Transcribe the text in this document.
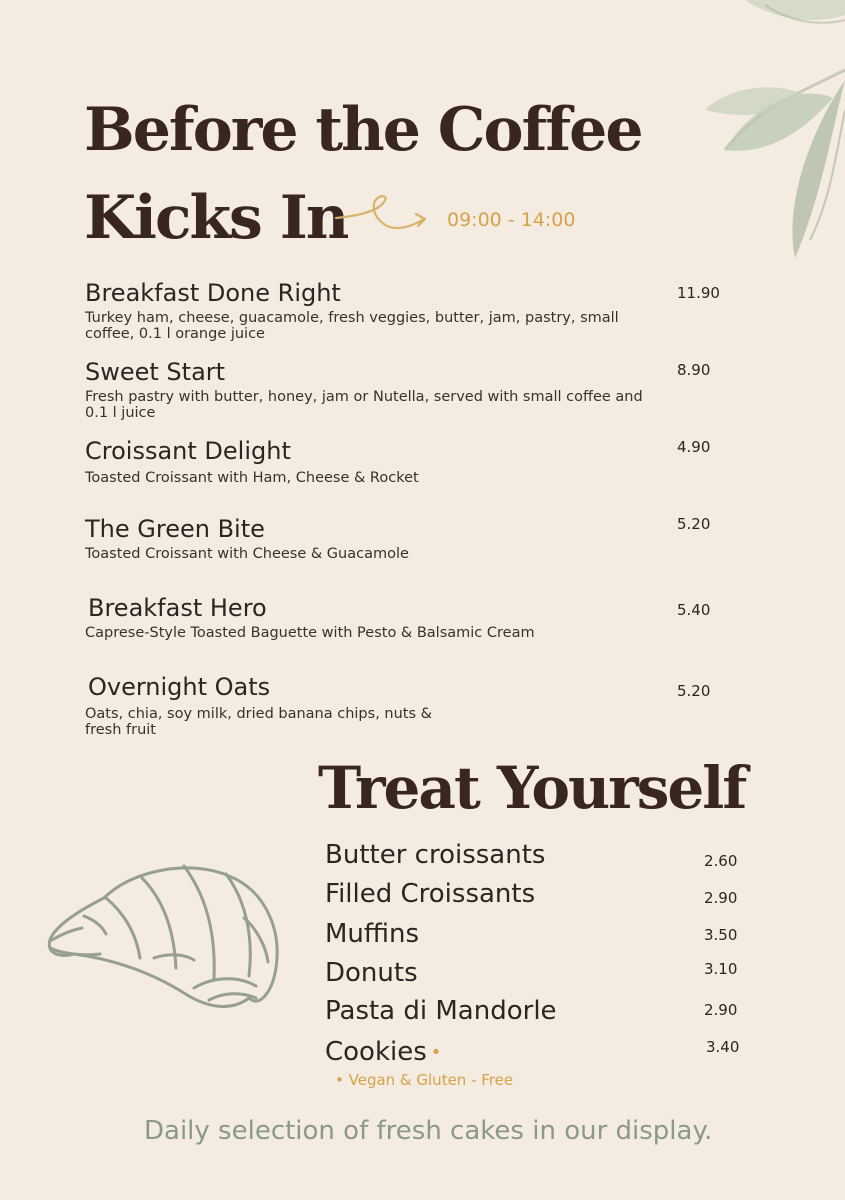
Before the Coffee
Kicks In	09:00 - 14:00
Breakfast Done Right
Turkey ham, cheese, guacamole, fresh veggies, butter, jam, pastry, small coffee, 0.1 l orange juice
11.90
Sweet Start
Fresh pastry with butter, honey, jam or Nutella, served with small coffee and 0.1 l juice
8.90
Croissant Delight
Toasted Croissant with Ham, Cheese & Rocket
4.90
The Green Bite
Toasted Croissant with Cheese & Guacamole
5.20
Breakfast Hero
Caprese-Style Toasted Baguette with Pesto & Balsamic Cream
5.40
Overnight Oats
Oats, chia, soy milk, dried banana chips, nuts & fresh fruit
5.20
Treat Yourself
Butter croissants	2.60
Filled Croissants	2.90
Muffins	3.50
Donuts	3.10
Pasta di Mandorle	2.90
Cookies •	3.40
• Vegan & Gluten - Free
Daily selection of fresh cakes in our display.
